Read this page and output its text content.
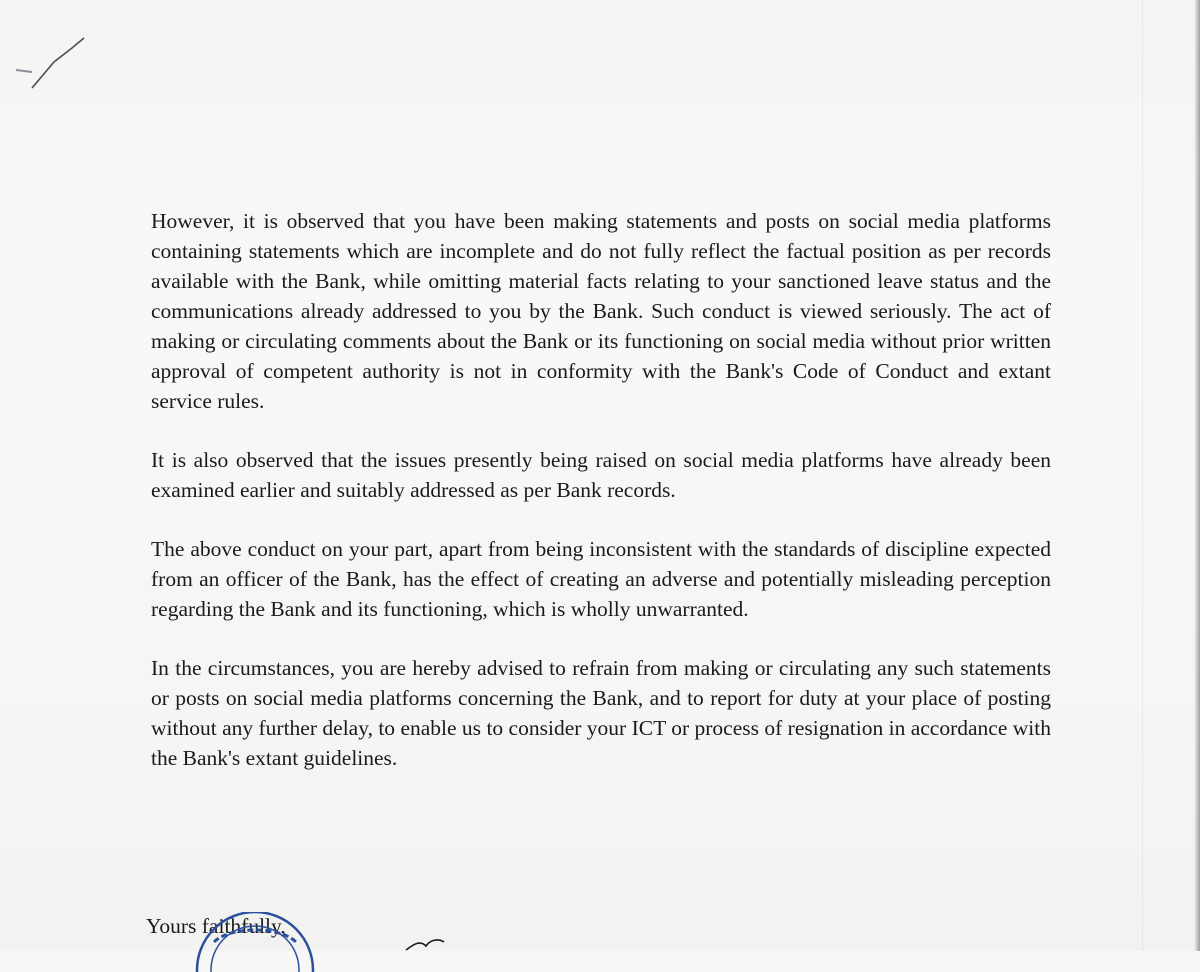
However, it is observed that you have been making statements and posts on social media platforms containing statements which are incomplete and do not fully reflect the factual position as per records available with the Bank, while omitting material facts relating to your sanctioned leave status and the communications already addressed to you by the Bank. Such conduct is viewed seriously. The act of making or circulating comments about the Bank or its functioning on social media without prior written approval of competent authority is not in conformity with the Bank's Code of Conduct and extant service rules.

It is also observed that the issues presently being raised on social media platforms have already been examined earlier and suitably addressed as per Bank records.

The above conduct on your part, apart from being inconsistent with the standards of discipline expected from an officer of the Bank, has the effect of creating an adverse and potentially misleading perception regarding the Bank and its functioning, which is wholly unwarranted.

In the circumstances, you are hereby advised to refrain from making or circulating any such statements or posts on social media platforms concerning the Bank, and to report for duty at your place of posting without any further delay, to enable us to consider your ICT or process of resignation in accordance with the Bank's extant guidelines.

Yours faithfully,
